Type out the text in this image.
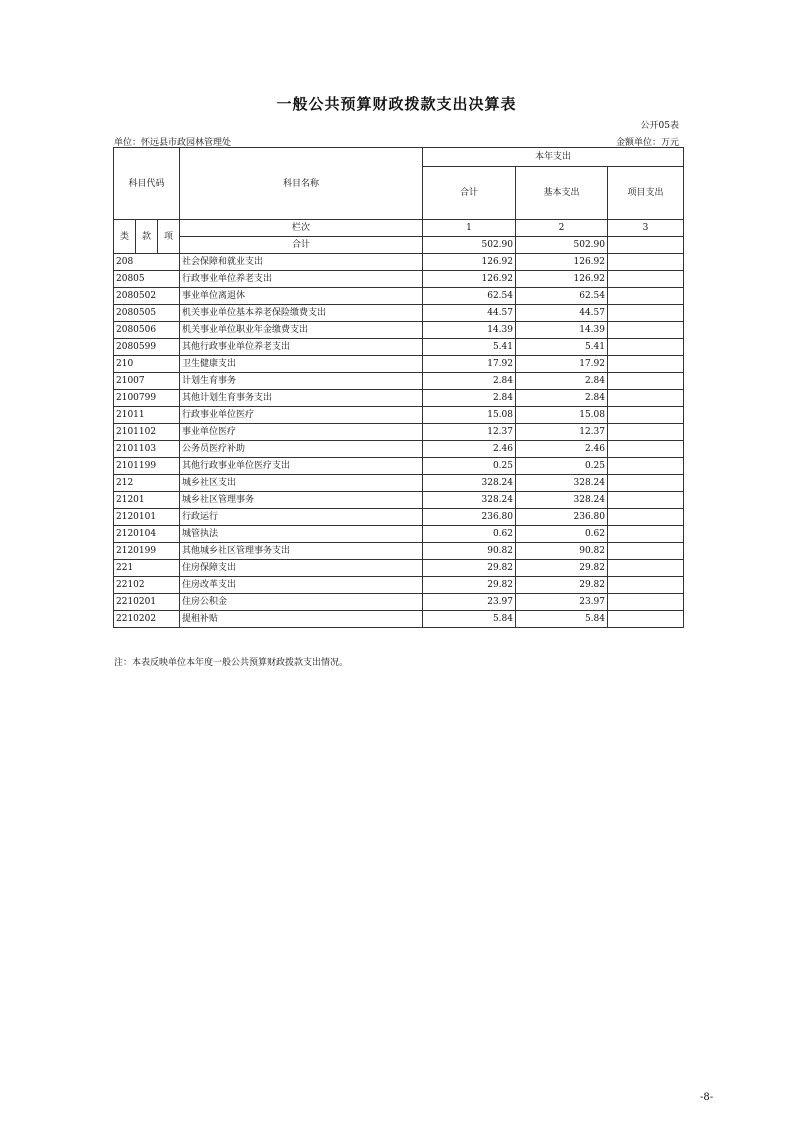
一般公共预算财政拨款支出决算表
公开05表
单位：怀远县市政园林管理处	金额单位：万元
科目代码			科目名称	本年支出		
				合计	基本支出	项目支出

类	款	项	栏次	1	2	3
			合计	502.90	502.90	
208			社会保障和就业支出	126.92	126.92	
20805			行政事业单位养老支出	126.92	126.92	
2080502			事业单位离退休	62.54	62.54	
2080505			机关事业单位基本养老保险缴费支出	44.57	44.57	
2080506			机关事业单位职业年金缴费支出	14.39	14.39	
2080599			其他行政事业单位养老支出	5.41	5.41	
210			卫生健康支出	17.92	17.92	
21007			计划生育事务	2.84	2.84	
2100799			其他计划生育事务支出	2.84	2.84	
21011			行政事业单位医疗	15.08	15.08	
2101102			事业单位医疗	12.37	12.37	
2101103			公务员医疗补助	2.46	2.46	
2101199			其他行政事业单位医疗支出	0.25	0.25	
212			城乡社区支出	328.24	328.24	
21201			城乡社区管理事务	328.24	328.24	
2120101			行政运行	236.80	236.80	
2120104			城管执法	0.62	0.62	
2120199			其他城乡社区管理事务支出	90.82	90.82	
221			住房保障支出	29.82	29.82	
22102			住房改革支出	29.82	29.82	
2210201			住房公积金	23.97	23.97	
2210202			提租补贴	5.84	5.84	
注：本表反映单位本年度一般公共预算财政拨款支出情况。
-8-
